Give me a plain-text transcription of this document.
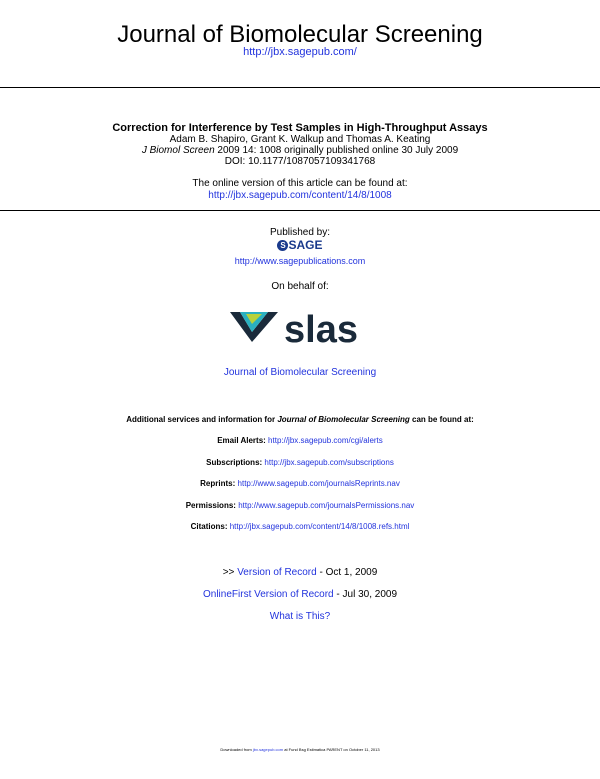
Journal of Biomolecular Screening
http://jbx.sagepub.com/
Correction for Interference by Test Samples in High-Throughput Assays
Adam B. Shapiro, Grant K. Walkup and Thomas A. Keating
J Biomol Screen 2009 14: 1008 originally published online 30 July 2009
DOI: 10.1177/1087057109341768
The online version of this article can be found at:
http://jbx.sagepub.com/content/14/8/1008
Published by:
S SAGE
http://www.sagepublications.com
On behalf of:
slas
Journal of Biomolecular Screening
Additional services and information for Journal of Biomolecular Screening can be found at:
Email Alerts: http://jbx.sagepub.com/cgi/alerts
Subscriptions: http://jbx.sagepub.com/subscriptions
Reprints: http://www.sagepub.com/journalsReprints.nav
Permissions: http://www.sagepub.com/journalsPermissions.nav
Citations: http://jbx.sagepub.com/content/14/8/1008.refs.html
>> Version of Record - Oct 1, 2009
OnlineFirst Version of Record - Jul 30, 2009
What is This?
Downloaded from jbx.sagepub.com at Fund Bsg Estimatica PARENT on October 11, 2013
